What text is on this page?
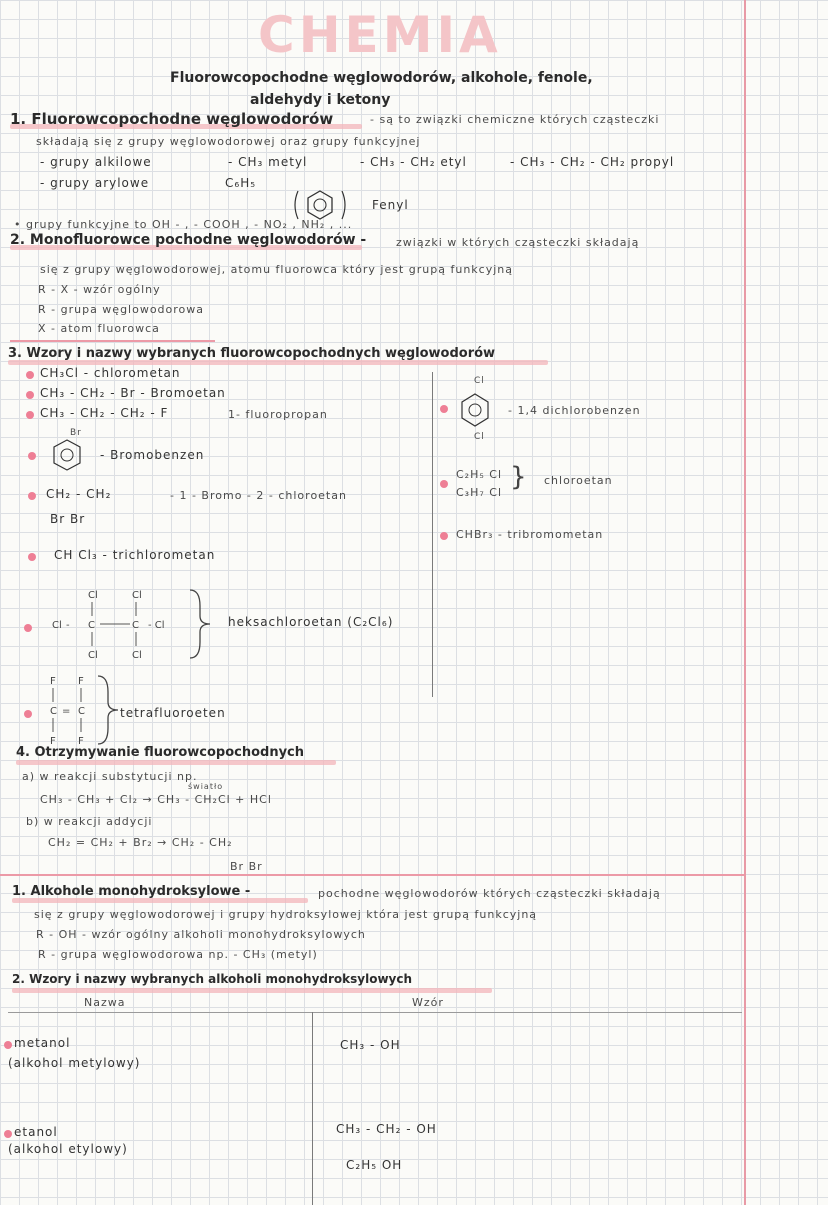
CHEMIA
Fluorowcopochodne węglowodorów, alkohole, fenole,
aldehydy i ketony
1. Fluorowcopochodne węglowodorów	- są to związki chemiczne których cząsteczki
składają się z grupy węglowodorowej oraz grupy funkcyjnej
- grupy alkilowe	- CH₃ metyl	- CH₃ - CH₂ etyl	- CH₃ - CH₂ - CH₂ propyl
- grupy arylowe	C₆H₅
Fenyl
• grupy funkcyjne to OH - , - COOH , - NO₂ , NH₂ , ...
2. Monofluorowce pochodne węglowodorów -	związki w których cząsteczki składają
się z grupy węglowodorowej, atomu fluorowca który jest grupą funkcyjną
R - X - wzór ogólny
R - grupa węglowodorowa
X - atom fluorowca
3. Wzory i nazwy wybranych fluorowcopochodnych węglowodorów
CH₃Cl - chlorometan
CH₃ - CH₂ - Br - Bromoetan
CH₃ - CH₂ - CH₂ - F	1- fluoropropan
Br
- Bromobenzen
CH₂ - CH₂
Br Br
- 1 - Bromo - 2 - chloroetan
CH Cl₃ - trichlorometan
Cl	Cl
Cl - C	C - Cl
Cl	Cl
heksachloroetan (C₂Cl₆)
F F
C = C
F F
tetrafluoroeten
Cl
Cl
- 1,4 dichlorobenzen
C₂H₅ Cl
C₃H₇ Cl
} chloroetan
CHBr₃ - tribromometan
4. Otrzymywanie fluorowcopochodnych
a) w reakcji substytucji np.
światło
CH₃ - CH₃ + Cl₂ → CH₃ - CH₂Cl + HCl
b) w reakcji addycji
CH₂ = CH₂ + Br₂ → CH₂ - CH₂
Br Br
1. Alkohole monohydroksylowe -	pochodne węglowodorów których cząsteczki składają
się z grupy węglowodorowej i grupy hydroksylowej która jest grupą funkcyjną
R - OH - wzór ogólny alkoholi monohydroksylowych
R - grupa węglowodorowa np. - CH₃ (metyl)
2. Wzory i nazwy wybranych alkoholi monohydroksylowych
Nazwa	Wzór
metanol
(alkohol metylowy)
CH₃ - OH
etanol
(alkohol etylowy)
CH₃ - CH₂ - OH
C₂H₅ OH
